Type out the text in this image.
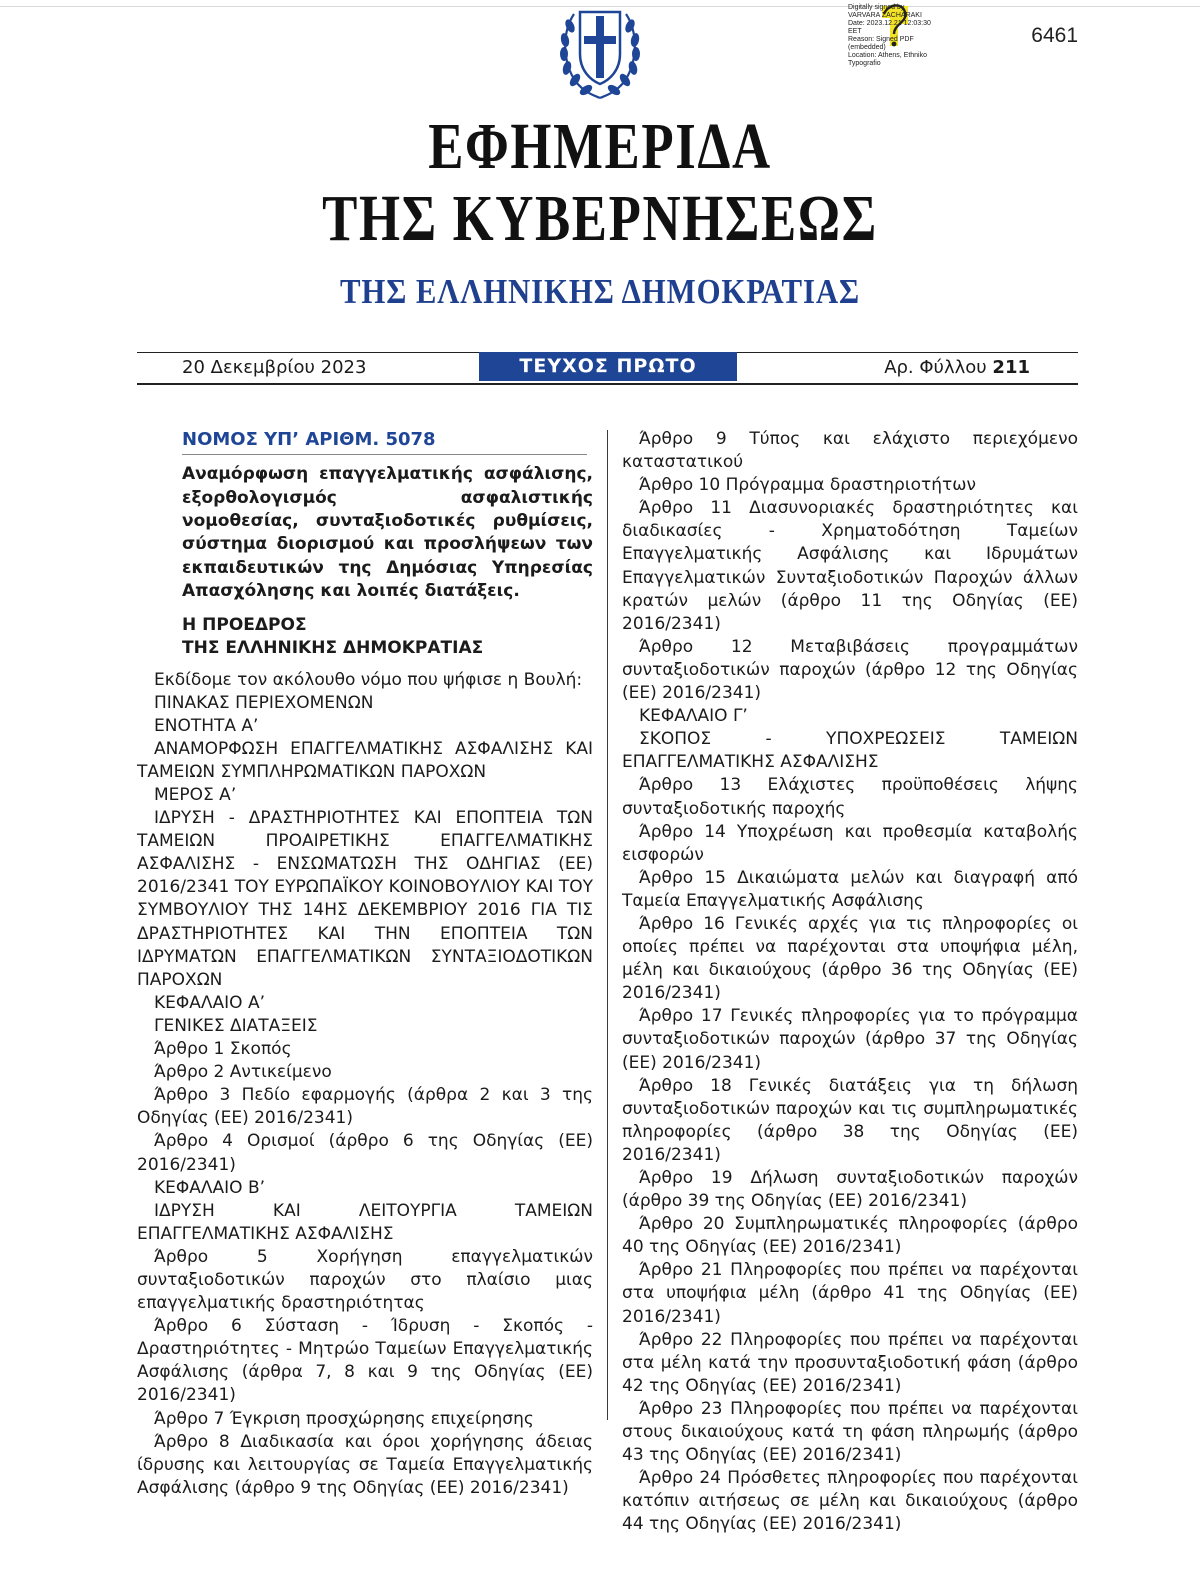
Digitally signed by
VARVARA ZACHARAKI
Date: 2023.12.21 12:03:30
EET
Reason: Signed PDF
(embedded)
Location: Athens, Ethniko
Typografio
6461
ΕΦΗΜΕΡΙΔΑ
ΤΗΣ ΚΥΒΕΡΝΗΣΕΩΣ
ΤΗΣ ΕΛΛΗΝΙΚΗΣ ΔΗΜΟΚΡΑΤΙΑΣ
20 Δεκεμβρίου 2023	ΤΕΥΧΟΣ ΠΡΩΤΟ	Αρ. Φύλλου 211
ΝΟΜΟΣ ΥΠ’ ΑΡΙΘΜ. 5078
Αναμόρφωση επαγγελματικής ασφάλισης, εξορθολογισμός ασφαλιστικής νομοθεσίας, συνταξιοδοτικές ρυθμίσεις, σύστημα διορισμού και προσλήψεων των εκπαιδευτικών της Δημόσιας Υπηρεσίας Απασχόλησης και λοιπές διατάξεις.
Η ΠΡΟΕΔΡΟΣ
ΤΗΣ ΕΛΛΗΝΙΚΗΣ ΔΗΜΟΚΡΑΤΙΑΣ

Εκδίδομε τον ακόλουθο νόμο που ψήφισε η Βουλή:

ΠΙΝΑΚΑΣ ΠΕΡΙΕΧΟΜΕΝΩΝ

ΕΝΟΤΗΤΑ Α’

ΑΝΑΜΟΡΦΩΣΗ ΕΠΑΓΓΕΛΜΑΤΙΚΗΣ ΑΣΦΑΛΙΣΗΣ ΚΑΙ ΤΑΜΕΙΩΝ ΣΥΜΠΛΗΡΩΜΑΤΙΚΩΝ ΠΑΡΟΧΩΝ

ΜΕΡΟΣ Α’

ΙΔΡΥΣΗ - ΔΡΑΣΤΗΡΙΟΤΗΤΕΣ ΚΑΙ ΕΠΟΠΤΕΙΑ ΤΩΝ ΤΑΜΕΙΩΝ ΠΡΟΑΙΡΕΤΙΚΗΣ ΕΠΑΓΓΕΛΜΑΤΙΚΗΣ ΑΣΦΑΛΙΣΗΣ - ΕΝΣΩΜΑΤΩΣΗ ΤΗΣ ΟΔΗΓΙΑΣ (ΕΕ) 2016/2341 ΤΟΥ ΕΥΡΩΠΑΪΚΟΥ ΚΟΙΝΟΒΟΥΛΙΟΥ ΚΑΙ ΤΟΥ ΣΥΜΒΟΥΛΙΟΥ ΤΗΣ 14ΗΣ ΔΕΚΕΜΒΡΙΟΥ 2016 ΓΙΑ ΤΙΣ ΔΡΑΣΤΗΡΙΟΤΗΤΕΣ ΚΑΙ ΤΗΝ ΕΠΟΠΤΕΙΑ ΤΩΝ ΙΔΡΥΜΑΤΩΝ ΕΠΑΓΓΕΛΜΑΤΙΚΩΝ ΣΥΝΤΑΞΙΟΔΟΤΙΚΩΝ ΠΑΡΟΧΩΝ

ΚΕΦΑΛΑΙΟ Α’

ΓΕΝΙΚΕΣ ΔΙΑΤΑΞΕΙΣ

Άρθρο 1 Σκοπός

Άρθρο 2 Αντικείμενο

Άρθρο 3 Πεδίο εφαρμογής (άρθρα 2 και 3 της Οδηγίας (ΕΕ) 2016/2341)

Άρθρο 4 Ορισμοί (άρθρο 6 της Οδηγίας (ΕΕ) 2016/2341)

ΚΕΦΑΛΑΙΟ Β’

ΙΔΡΥΣΗ ΚΑΙ ΛΕΙΤΟΥΡΓΙΑ ΤΑΜΕΙΩΝ ΕΠΑΓΓΕΛΜΑΤΙΚΗΣ ΑΣΦΑΛΙΣΗΣ

Άρθρο 5 Χορήγηση επαγγελματικών συνταξιοδοτικών παροχών στο πλαίσιο μιας επαγγελματικής δραστηριότητας

Άρθρο 6 Σύσταση - Ίδρυση - Σκοπός - Δραστηριότητες - Μητρώο Ταμείων Επαγγελματικής Ασφάλισης (άρθρα 7, 8 και 9 της Οδηγίας (ΕΕ) 2016/2341)

Άρθρο 7 Έγκριση προσχώρησης επιχείρησης

Άρθρο 8 Διαδικασία και όροι χορήγησης άδειας ίδρυσης και λειτουργίας σε Ταμεία Επαγγελματικής Ασφάλισης (άρθρο 9 της Οδηγίας (ΕΕ) 2016/2341)

Άρθρο 9 Τύπος και ελάχιστο περιεχόμενο καταστατικού

Άρθρο 10 Πρόγραμμα δραστηριοτήτων

Άρθρο 11 Διασυνοριακές δραστηριότητες και διαδικασίες - Χρηματοδότηση Ταμείων Επαγγελματικής Ασφάλισης και Ιδρυμάτων Επαγγελματικών Συνταξιοδοτικών Παροχών άλλων κρατών μελών (άρθρο 11 της Οδηγίας (ΕΕ) 2016/2341)

Άρθρο 12 Μεταβιβάσεις προγραμμάτων συνταξιοδοτικών παροχών (άρθρο 12 της Οδηγίας (ΕΕ) 2016/2341)

ΚΕΦΑΛΑΙΟ Γ’

ΣΚΟΠΟΣ - ΥΠΟΧΡΕΩΣΕΙΣ ΤΑΜΕΙΩΝ ΕΠΑΓΓΕΛΜΑΤΙΚΗΣ ΑΣΦΑΛΙΣΗΣ

Άρθρο 13 Ελάχιστες προϋποθέσεις λήψης συνταξιοδοτικής παροχής

Άρθρο 14 Υποχρέωση και προθεσμία καταβολής εισφορών

Άρθρο 15 Δικαιώματα μελών και διαγραφή από Ταμεία Επαγγελματικής Ασφάλισης

Άρθρο 16 Γενικές αρχές για τις πληροφορίες οι οποίες πρέπει να παρέχονται στα υποψήφια μέλη, μέλη και δικαιούχους (άρθρο 36 της Οδηγίας (ΕΕ) 2016/2341)

Άρθρο 17 Γενικές πληροφορίες για το πρόγραμμα συνταξιοδοτικών παροχών (άρθρο 37 της Οδηγίας (ΕΕ) 2016/2341)

Άρθρο 18 Γενικές διατάξεις για τη δήλωση συνταξιοδοτικών παροχών και τις συμπληρωματικές πληροφορίες (άρθρο 38 της Οδηγίας (ΕΕ) 2016/2341)

Άρθρο 19 Δήλωση συνταξιοδοτικών παροχών (άρθρο 39 της Οδηγίας (ΕΕ) 2016/2341)

Άρθρο 20 Συμπληρωματικές πληροφορίες (άρθρο 40 της Οδηγίας (ΕΕ) 2016/2341)

Άρθρο 21 Πληροφορίες που πρέπει να παρέχονται στα υποψήφια μέλη (άρθρο 41 της Οδηγίας (ΕΕ) 2016/2341)

Άρθρο 22 Πληροφορίες που πρέπει να παρέχονται στα μέλη κατά την προσυνταξιοδοτική φάση (άρθρο 42 της Οδηγίας (ΕΕ) 2016/2341)

Άρθρο 23 Πληροφορίες που πρέπει να παρέχονται στους δικαιούχους κατά τη φάση πληρωμής (άρθρο 43 της Οδηγίας (ΕΕ) 2016/2341)

Άρθρο 24 Πρόσθετες πληροφορίες που παρέχονται κατόπιν αιτήσεως σε μέλη και δικαιούχους (άρθρο 44 της Οδηγίας (ΕΕ) 2016/2341)
